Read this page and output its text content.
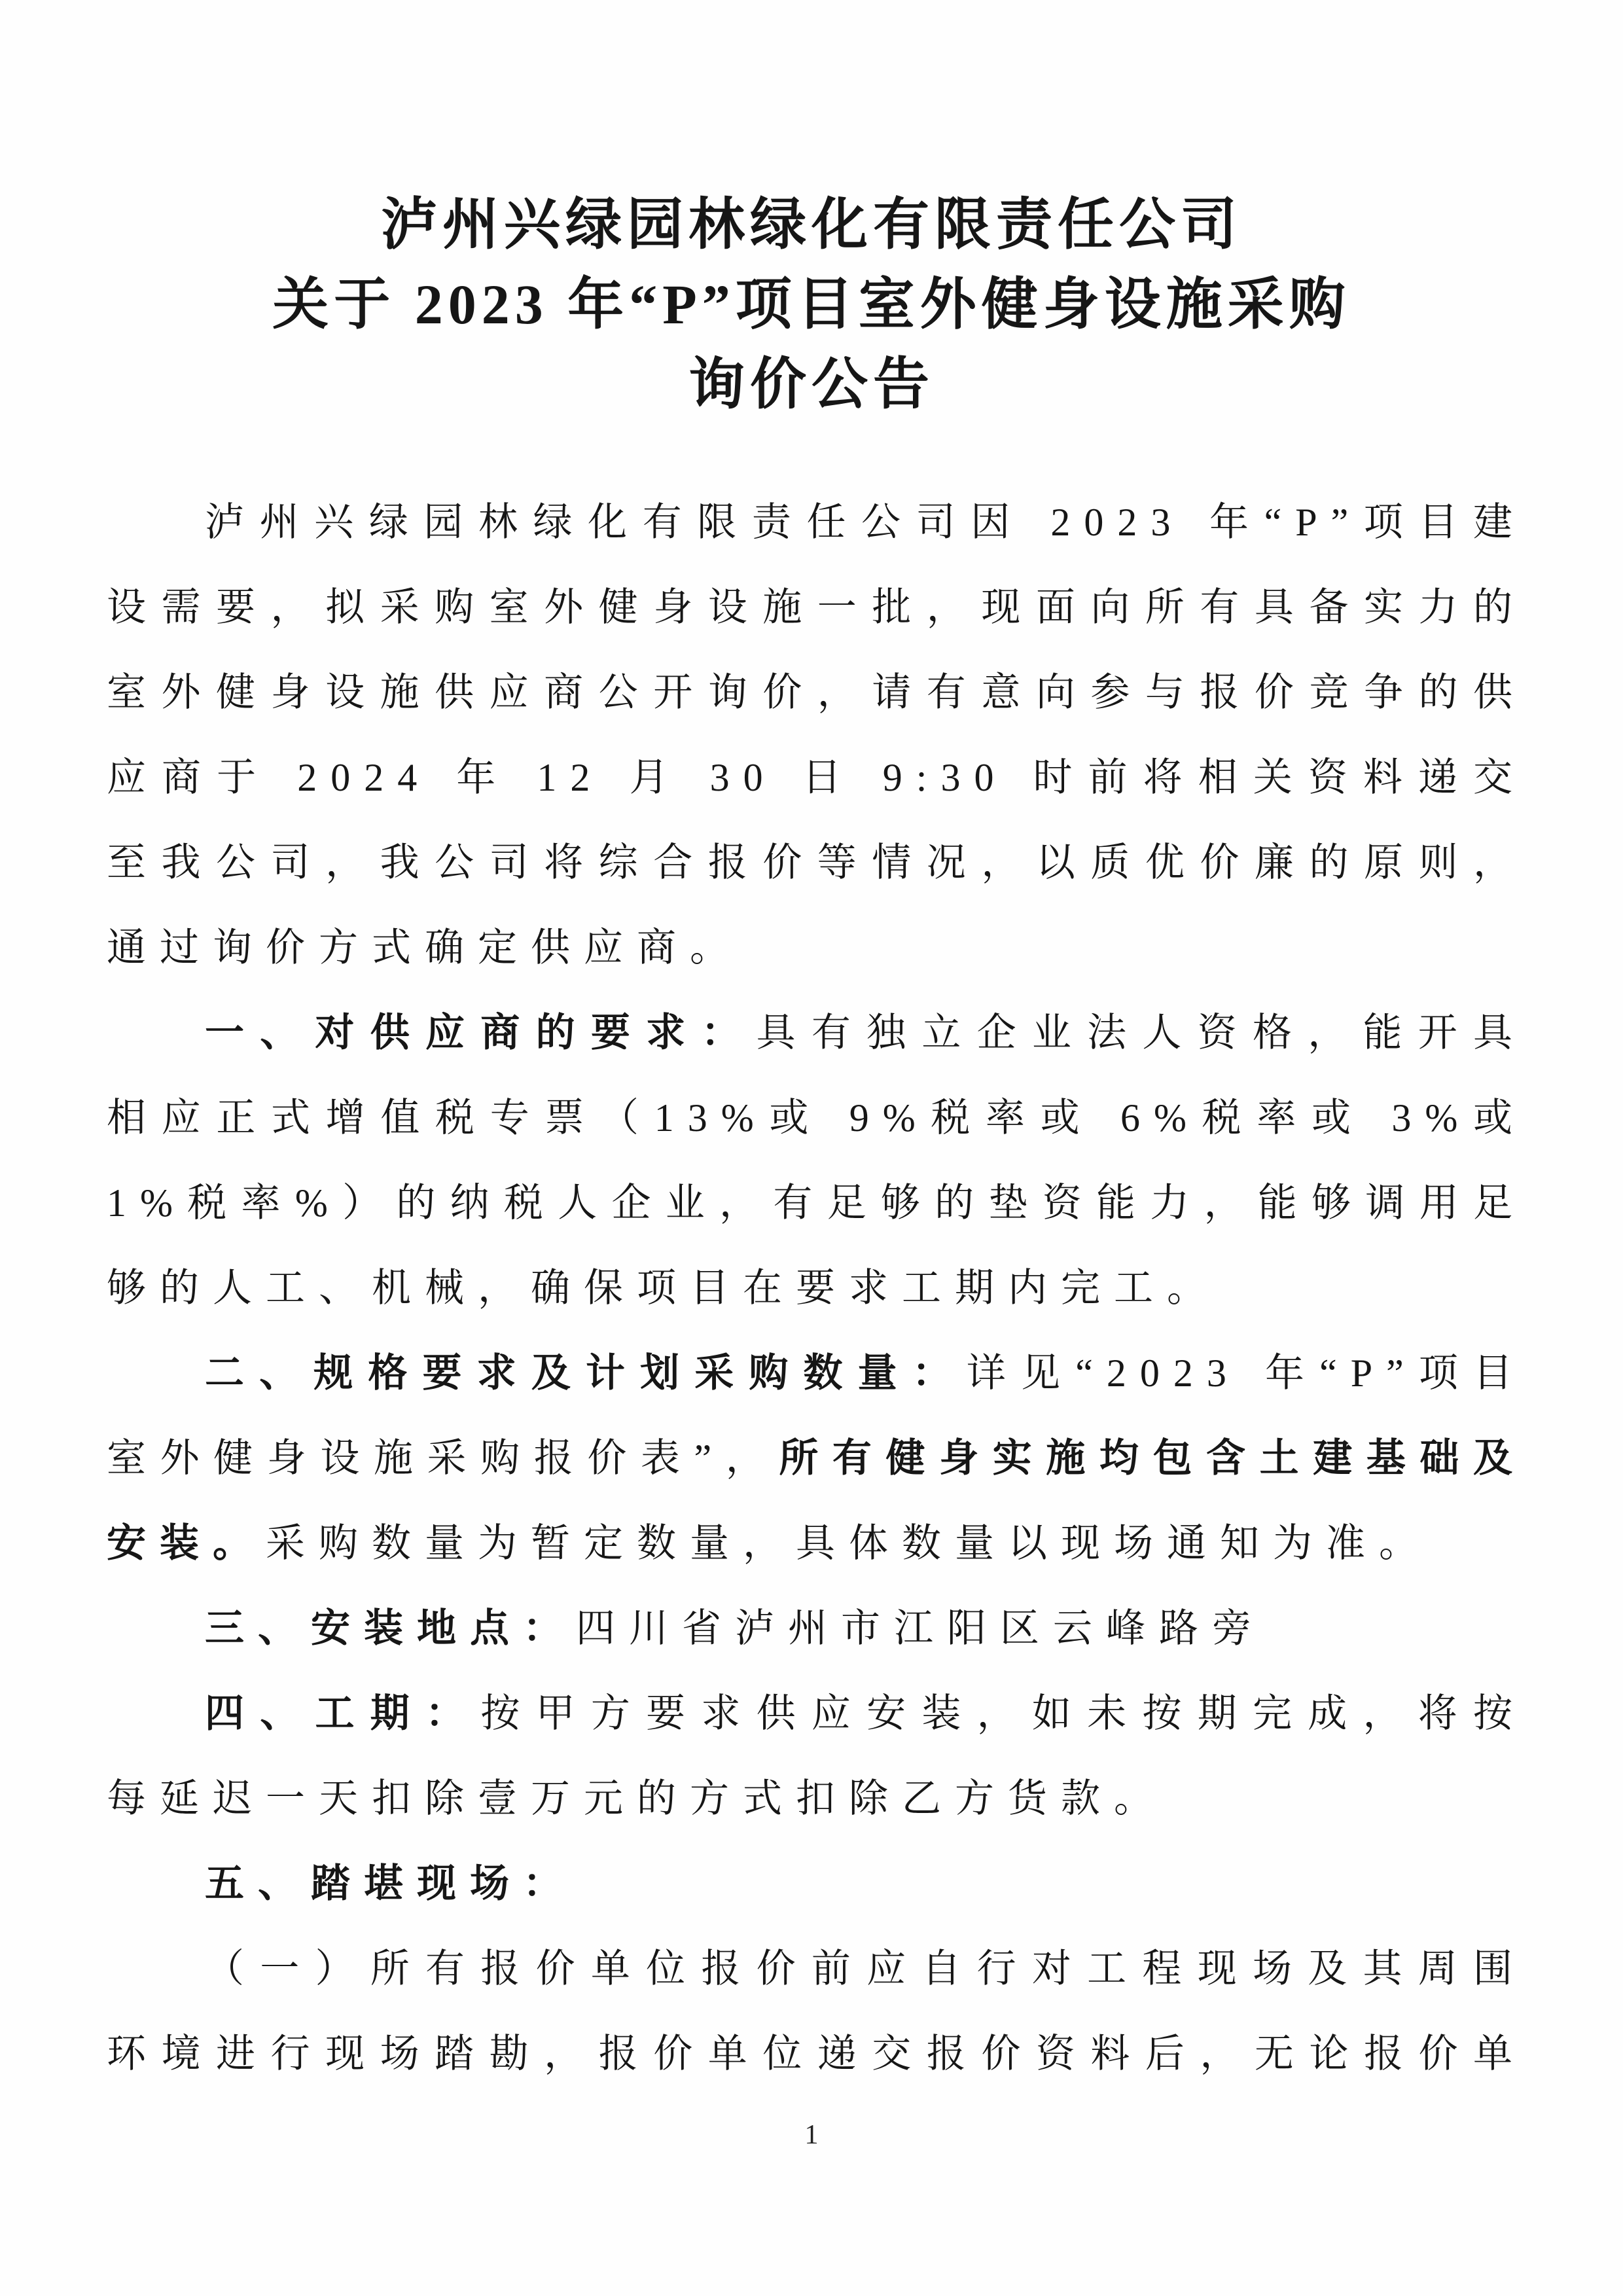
泸州兴绿园林绿化有限责任公司
关于 2023 年“P”项目室外健身设施采购
询价公告

泸州兴绿园林绿化有限责任公司因 2023 年“P”项目建设需要，拟采购室外健身设施一批，现面向所有具备实力的室外健身设施供应商公开询价，请有意向参与报价竞争的供应商于 2024 年 12 月 30 日 9:30 时前将相关资料递交至我公司，我公司将综合报价等情况，以质优价廉的原则，通过询价方式确定供应商。

一、对供应商的要求：具有独立企业法人资格，能开具相应正式增值税专票（13%或 9%税率或 6%税率或 3%或 1%税率%）的纳税人企业，有足够的垫资能力，能够调用足够的人工、机械，确保项目在要求工期内完工。

二、规格要求及计划采购数量：详见“2023 年“P”项目室外健身设施采购报价表”，所有健身实施均包含土建基础及安装。采购数量为暂定数量，具体数量以现场通知为准。

三、安装地点：四川省泸州市江阳区云峰路旁

四、工期：按甲方要求供应安装，如未按期完成，将按每延迟一天扣除壹万元的方式扣除乙方货款。

五、踏堪现场：

（一）所有报价单位报价前应自行对工程现场及其周围环境进行现场踏勘，报价单位递交报价资料后，无论报价单

1
